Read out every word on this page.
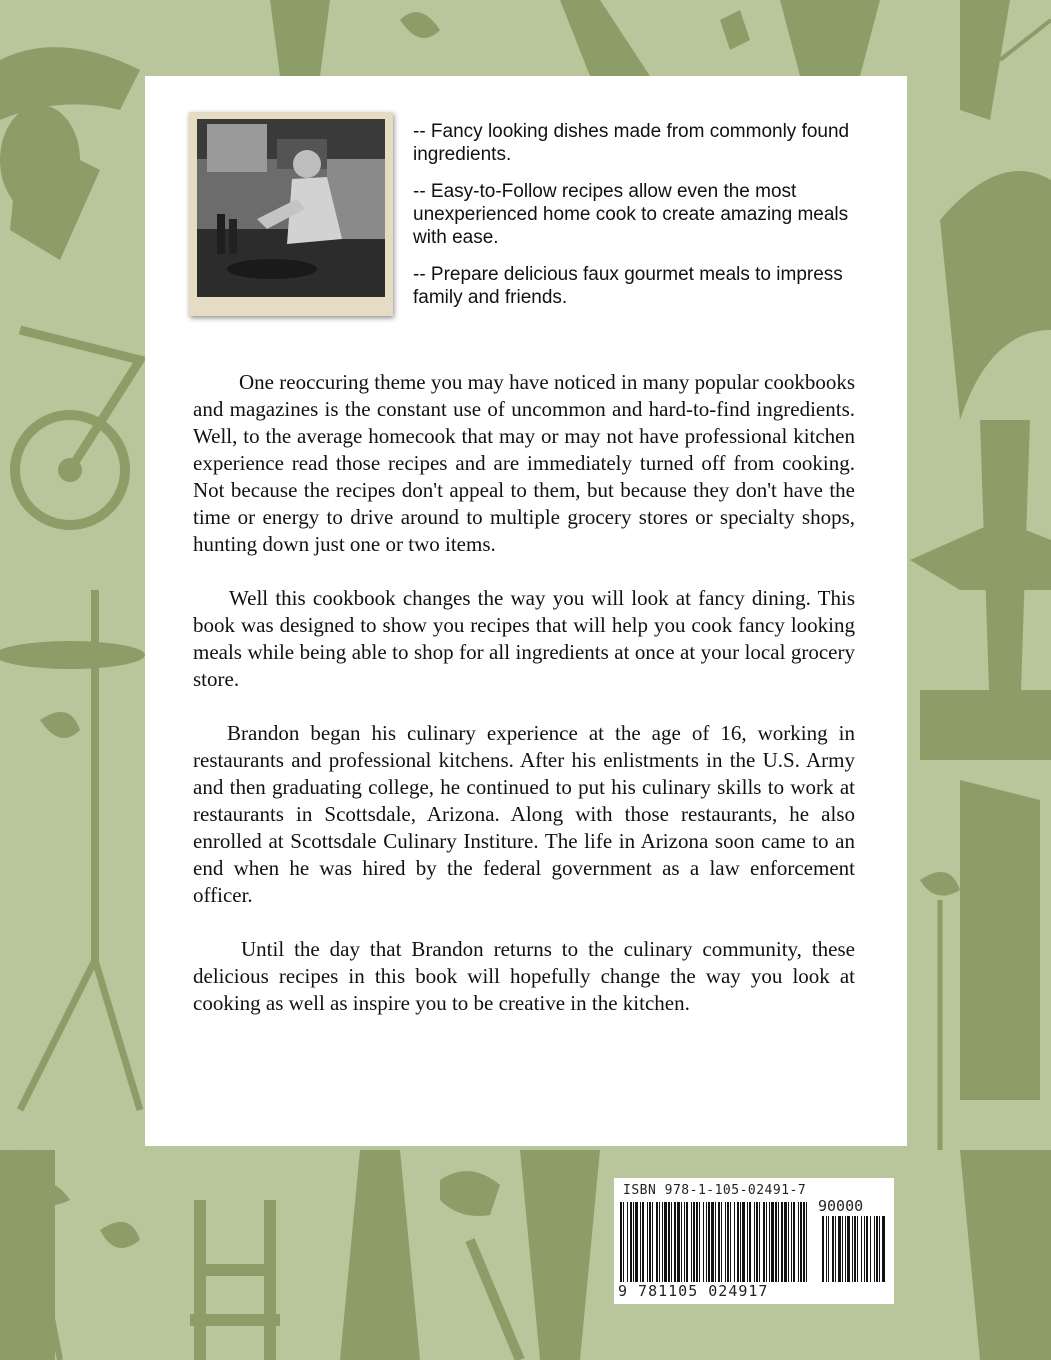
-- Fancy looking dishes made from commonly found ingredients.

-- Easy-to-Follow recipes allow even the most unexperienced home cook to create amazing meals with ease.

-- Prepare delicious faux gourmet meals to impress family and friends.

One reoccuring theme you may have noticed in many popular cookbooks and magazines is the constant use of uncommon and hard-to-find ingredients. Well, to the average homecook that may or may not have professional kitchen experience read those recipes and are immediately turned off from cooking. Not because the recipes don't appeal to them, but because they don't have the time or energy to drive around to multiple grocery stores or specialty shops, hunting down just one or two items.

Well this cookbook changes the way you will look at fancy dining. This book was designed to show you recipes that will help you cook fancy looking meals while being able to shop for all ingredients at once at your local grocery store.

Brandon began his culinary experience at the age of 16, working in restaurants and professional kitchens. After his enlistments in the U.S. Army and then graduating college, he continued to put his culinary skills to work at restaurants in Scottsdale, Arizona. Along with those restaurants, he also enrolled at Scottsdale Culinary Institure. The life in Arizona soon came to an end when he was hired by the federal government as a law enforcement officer.

Until the day that Brandon returns to the culinary community, these delicious recipes in this book will hopefully change the way you look at cooking as well as inspire you to be creative in the kitchen.

ISBN 978-1-105-02491-7
90000
9 781105 024917
